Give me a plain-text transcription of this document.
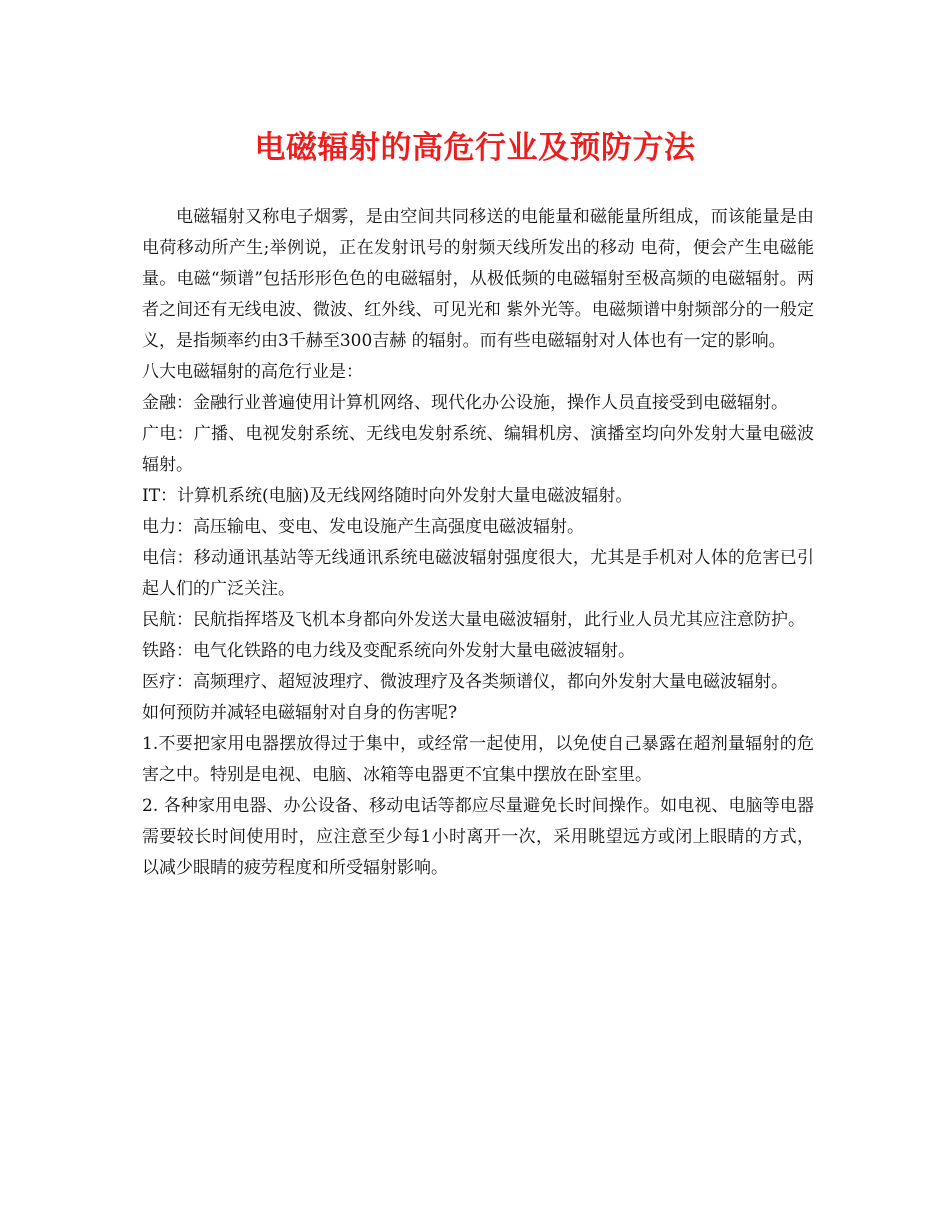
电磁辐射的高危行业及预防方法

电磁辐射又称电子烟雾，是由空间共同移送的电能量和磁能量所组成，而该能量是由电荷移动所产生;举例说，正在发射讯号的射频天线所发出的移动 电荷，便会产生电磁能量。电磁“频谱”包括形形色色的电磁辐射，从极低频的电磁辐射至极高频的电磁辐射。两者之间还有无线电波、微波、红外线、可见光和 紫外光等。电磁频谱中射频部分的一般定义，是指频率约由3千赫至300吉赫 的辐射。而有些电磁辐射对人体也有一定的影响。

八大电磁辐射的高危行业是：

金融：金融行业普遍使用计算机网络、现代化办公设施，操作人员直接受到电磁辐射。

广电：广播、电视发射系统、无线电发射系统、编辑机房、演播室均向外发射大量电磁波辐射。

IT：计算机系统(电脑)及无线网络随时向外发射大量电磁波辐射。

电力：高压输电、变电、发电设施产生高强度电磁波辐射。

电信：移动通讯基站等无线通讯系统电磁波辐射强度很大，尤其是手机对人体的危害已引起人们的广泛关注。

民航：民航指挥塔及飞机本身都向外发送大量电磁波辐射，此行业人员尤其应注意防护。

铁路：电气化铁路的电力线及变配系统向外发射大量电磁波辐射。

医疗：高频理疗、超短波理疗、微波理疗及各类频谱仪，都向外发射大量电磁波辐射。

如何预防并减轻电磁辐射对自身的伤害呢?

1.不要把家用电器摆放得过于集中，或经常一起使用，以免使自己暴露在超剂量辐射的危害之中。特别是电视、电脑、冰箱等电器更不宜集中摆放在卧室里。

2. 各种家用电器、办公设备、移动电话等都应尽量避免长时间操作。如电视、电脑等电器需要较长时间使用时，应注意至少每1小时离开一次，采用眺望远方或闭上眼睛的方式，以减少眼睛的疲劳程度和所受辐射影响。
